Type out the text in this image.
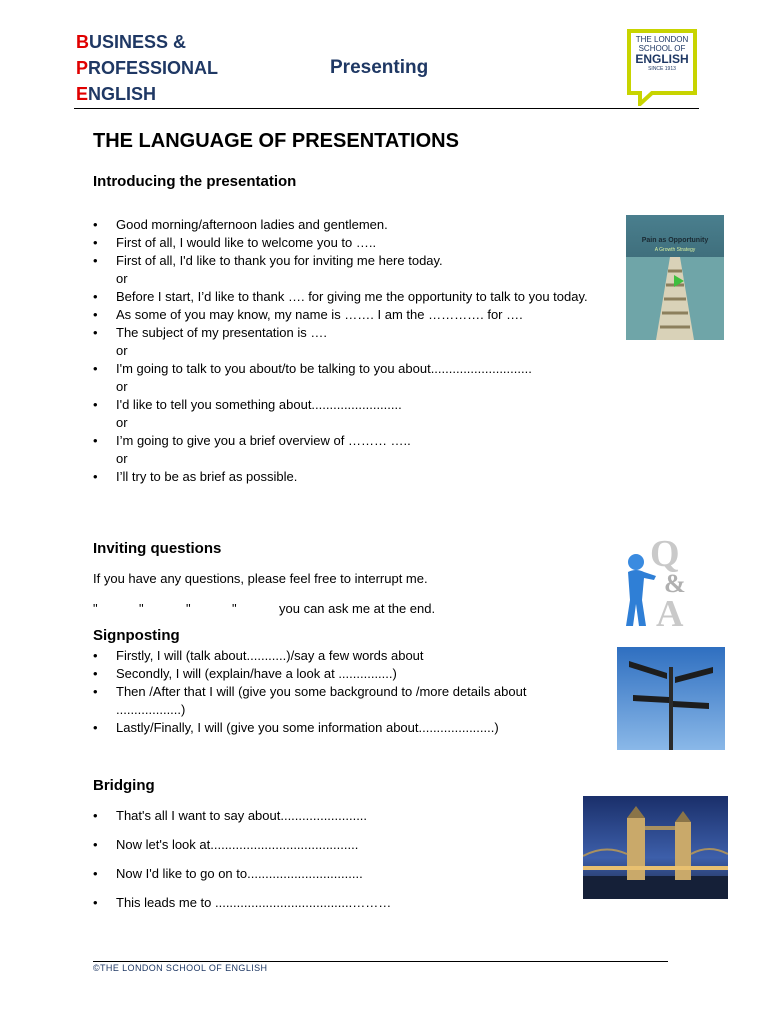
BUSINESS &
PROFESSIONAL
ENGLISH
Presenting
THE LONDON
SCHOOL OF
ENGLISH
SINCE 1913
THE LANGUAGE OF PRESENTATIONS
Introducing the presentation
• Good morning/afternoon ladies and gentlemen.
• First of all, I would like to welcome you to …..
• First of all, I'd like to thank you for inviting me here today.
or
• Before I start, I’d like to thank …. for giving me the opportunity to talk to you today.
• As some of you may know, my name is ……. I am the …………. for ….
• The subject of my presentation is ….
or
• I'm going to talk to you about/to be talking to you about............................
or
• I'd like to tell you something about.........................
or
• I’m going to give you a brief overview of ……… …..
or
• I’ll try to be as brief as possible.
Pain as Opportunity
A Growth Strategy
Inviting questions
If you have any questions, please feel free to interrupt me.
"	"	"	"	you can ask me at the end.
Q
&
A
Signposting
• Firstly, I will (talk about...........)/say a few words about
• Secondly, I will (explain/have a look at ...............)
• Then /After that I will (give you some background to /more details about ..................)
• Lastly/Finally, I will (give you some information about.....................)
Bridging
• That's all I want to say about........................
• Now let's look at.........................................
• Now I'd like to go on to................................
• This leads me to ......................................………
©THE LONDON SCHOOL OF ENGLISH
